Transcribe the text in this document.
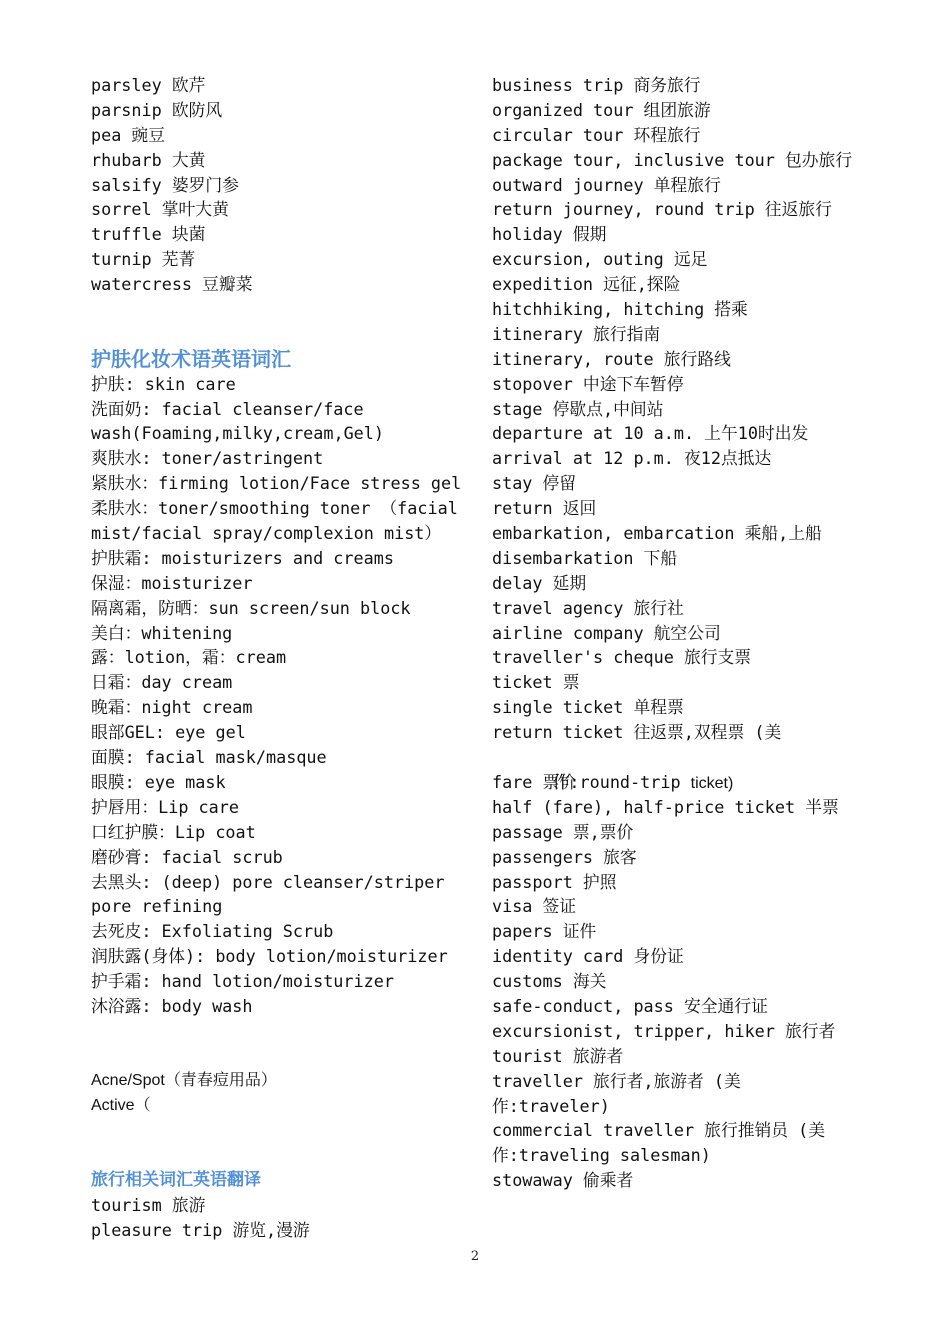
parsley 欧芹
parsnip 欧防风
pea 豌豆
rhubarb 大黄
salsify 婆罗门参
sorrel 掌叶大黄
truffle 块菌
turnip 芜菁
watercress 豆瓣菜
护肤化妆术语英语词汇
护肤: skin care
洗面奶: facial cleanser/face
wash(Foaming,milky,cream,Gel)
爽肤水: toner/astringent
紧肤水：firming lotion/Face stress gel
柔肤水：toner/smoothing toner （facial
mist/facial spray/complexion mist）
护肤霜: moisturizers and creams
保湿：moisturizer
隔离霜，防晒：sun screen/sun block
美白：whitening
露：lotion，霜：cream
日霜：day cream
晚霜：night cream
眼部GEL: eye gel
面膜: facial mask/masque
眼膜: eye mask
护唇用：Lip care
口红护膜：Lip coat
磨砂膏: facial scrub
去黑头: (deep) pore cleanser/striper
pore refining
去死皮: Exfoliating Scrub
润肤露(身体): body lotion/moisturizer
护手霜: hand lotion/moisturizer
沐浴露: body wash
Acne/Spot（青春痘用品）
Active（
旅行相关词汇英语翻译
tourism 旅游
pleasure trip 游览,漫游
business trip 商务旅行
organized tour 组团旅游
circular tour 环程旅行
package tour, inclusive tour 包办旅行
outward journey 单程旅行
return journey, round trip 往返旅行
holiday 假期
excursion, outing 远足
expedition 远征,探险
hitchhiking, hitching 搭乘
itinerary 旅行指南
itinerary, route 旅行路线
stopover 中途下车暂停
stage 停歇点,中间站
departure at 10 a.m. 上午10时出发
arrival at 12 p.m. 夜12点抵达
stay 停留
return 返回
embarkation, embarcation 乘船,上船
disembarkation 下船
delay 延期
travel agency 旅行社
airline company 航空公司
traveller's cheque 旅行支票
ticket 票
single ticket 单程票
return ticket 往返票,双程票 (美

作:round-trip ticket)

fare 票价
half (fare), half-price ticket 半票
passage 票,票价
passengers 旅客
passport 护照
visa 签证
papers 证件
identity card 身份证
customs 海关
safe-conduct, pass 安全通行证
excursionist, tripper, hiker 旅行者
tourist 旅游者
traveller 旅行者,旅游者 (美
作:traveler)
commercial traveller 旅行推销员 (美
作:traveling salesman)
stowaway 偷乘者
2
